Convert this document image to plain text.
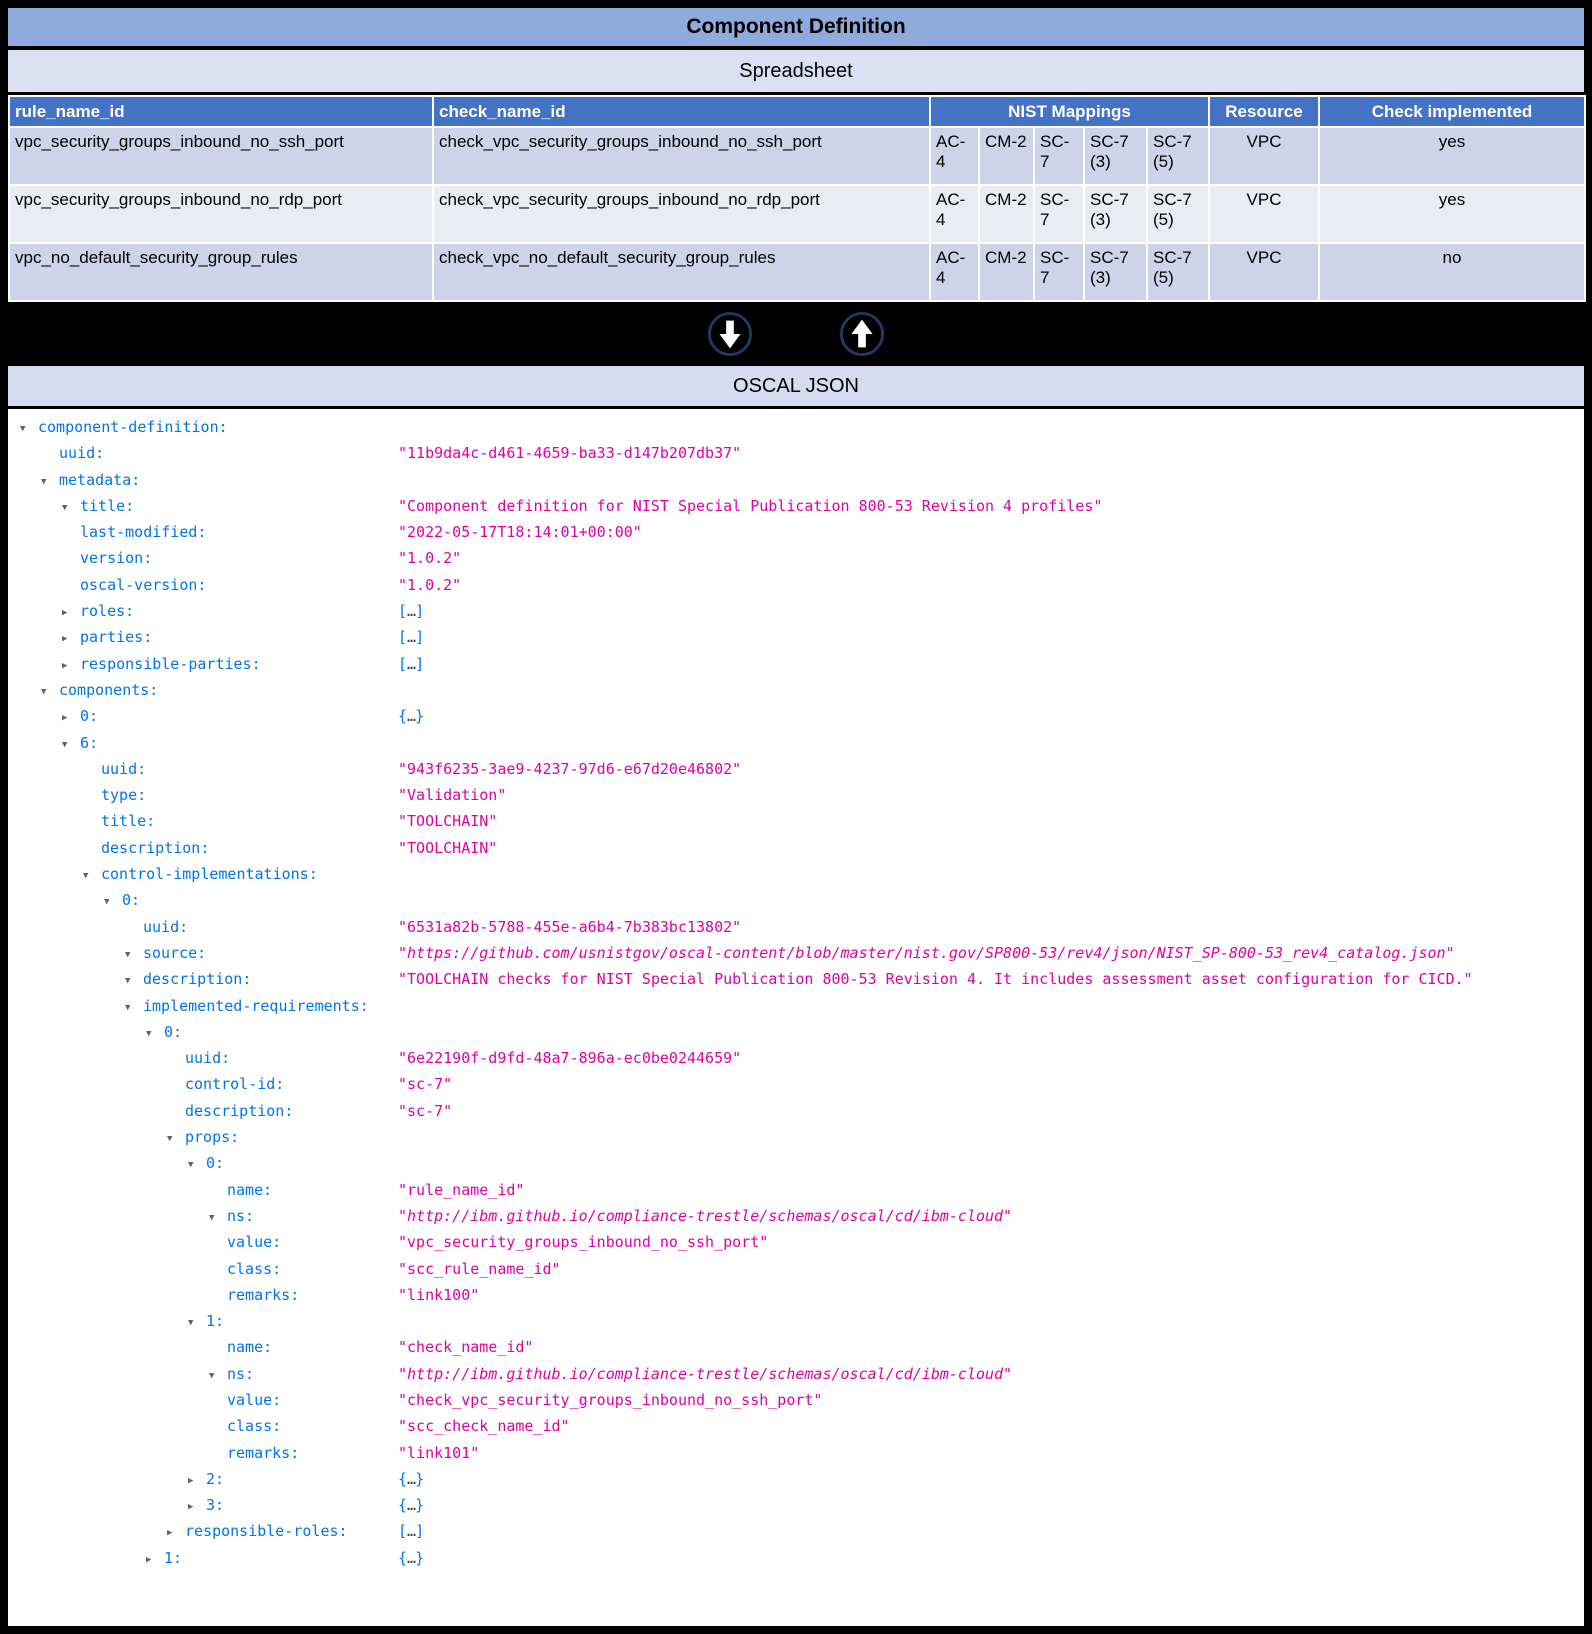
Component Definition
Spreadsheet
rule_name_id	check_name_id	NIST Mappings					Resource	Check implemented
vpc_security_groups_inbound_no_ssh_port	check_vpc_security_groups_inbound_no_ssh_port	AC-4	CM-2	SC-7	SC-7 (3)	SC-7 (5)	VPC	yes
vpc_security_groups_inbound_no_rdp_port	check_vpc_security_groups_inbound_no_rdp_port	AC-4	CM-2	SC-7	SC-7 (3)	SC-7 (5)	VPC	yes
vpc_no_default_security_group_rules	check_vpc_no_default_security_group_rules	AC-4	CM-2	SC-7	SC-7 (3)	SC-7 (5)	VPC	no
OSCAL JSON
▼ component-definition:
uuid:	"11b9da4c-d461-4659-ba33-d147b207db37"
▼ metadata:
▼ title:	"Component definition for NIST Special Publication 800-53 Revision 4 profiles"
last-modified:	"2022-05-17T18:14:01+00:00"
version:	"1.0.2"
oscal-version:	"1.0.2"
▶ roles:	[…]
▶ parties:	[…]
▶ responsible-parties:	[…]
▼ components:
▶ 0:	{…}
▼ 6:
uuid:	"943f6235-3ae9-4237-97d6-e67d20e46802"
type:	"Validation"
title:	"TOOLCHAIN"
description:	"TOOLCHAIN"
▼ control-implementations:
▼ 0:
uuid:	"6531a82b-5788-455e-a6b4-7b383bc13802"
▼ source:	"https://github.com/usnistgov/oscal-content/blob/master/nist.gov/SP800-53/rev4/json/NIST_SP-800-53_rev4_catalog.json"
▼ description:	"TOOLCHAIN checks for NIST Special Publication 800-53 Revision 4. It includes assessment asset configuration for CICD."
▼ implemented-requirements:
▼ 0:
uuid:	"6e22190f-d9fd-48a7-896a-ec0be0244659"
control-id:	"sc-7"
description:	"sc-7"
▼ props:
▼ 0:
name:	"rule_name_id"
▼ ns:	"http://ibm.github.io/compliance-trestle/schemas/oscal/cd/ibm-cloud"
value:	"vpc_security_groups_inbound_no_ssh_port"
class:	"scc_rule_name_id"
remarks:	"link100"
▼ 1:
name:	"check_name_id"
▼ ns:	"http://ibm.github.io/compliance-trestle/schemas/oscal/cd/ibm-cloud"
value:	"check_vpc_security_groups_inbound_no_ssh_port"
class:	"scc_check_name_id"
remarks:	"link101"
▶ 2:	{…}
▶ 3:	{…}
▶ responsible-roles:	[…]
▶ 1:	{…}
